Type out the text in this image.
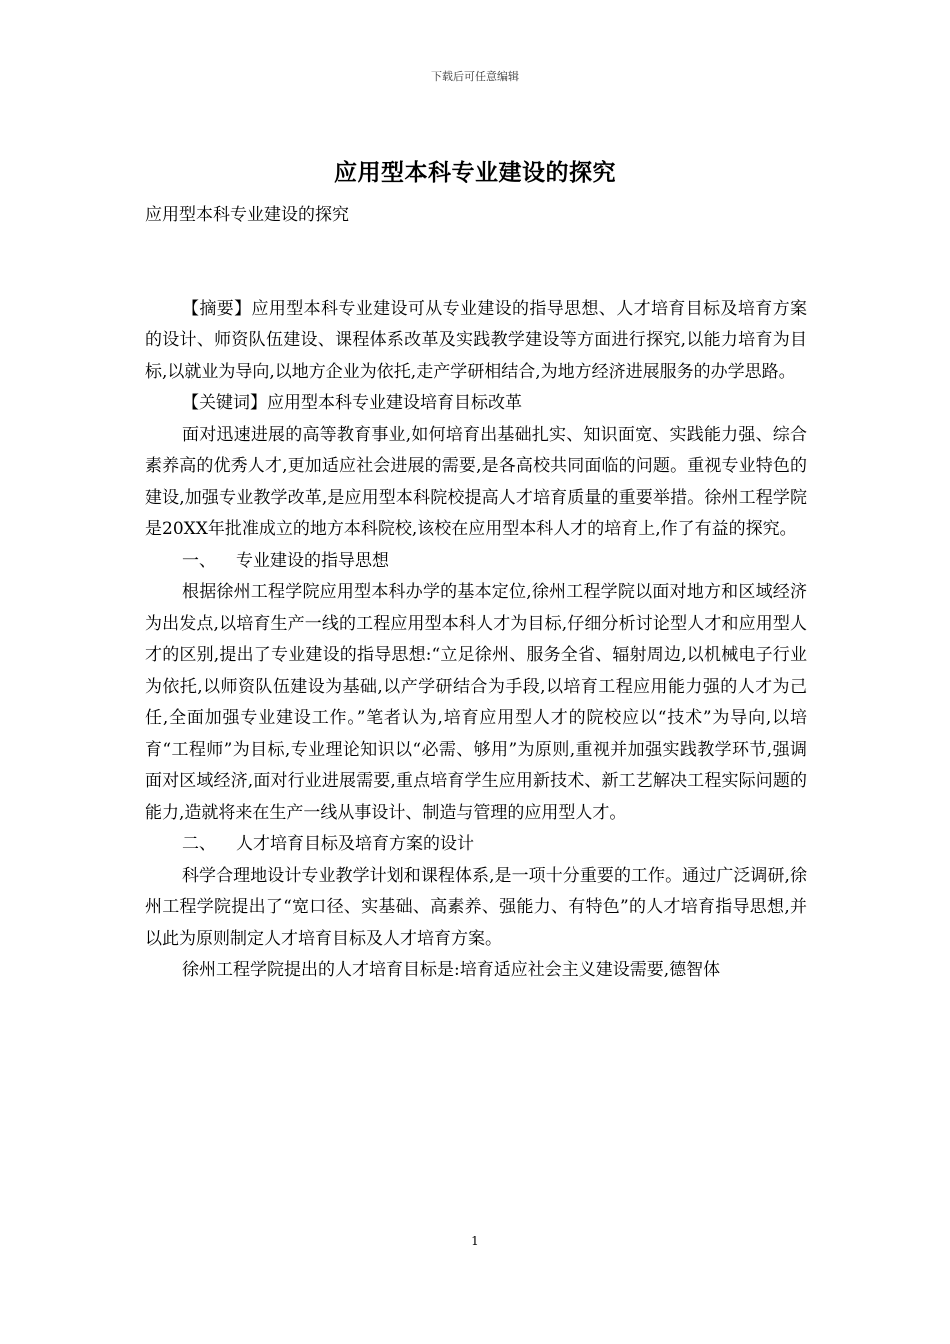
下载后可任意编辑
应用型本科专业建设的探究

应用型本科专业建设的探究

【摘要】应用型本科专业建设可从专业建设的指导思想、人才培育目标及培育方案的设计、师资队伍建设、课程体系改革及实践教学建设等方面进行探究,以能力培育为目标,以就业为导向,以地方企业为依托,走产学研相结合,为地方经济进展服务的办学思路。

【关键词】应用型本科专业建设培育目标改革

面对迅速进展的高等教育事业,如何培育出基础扎实、知识面宽、实践能力强、综合素养高的优秀人才,更加适应社会进展的需要,是各高校共同面临的问题。重视专业特色的建设,加强专业教学改革,是应用型本科院校提高人才培育质量的重要举措。徐州工程学院是20XX年批准成立的地方本科院校,该校在应用型本科人才的培育上,作了有益的探究。

一、 专业建设的指导思想

根据徐州工程学院应用型本科办学的基本定位,徐州工程学院以面对地方和区域经济为出发点,以培育生产一线的工程应用型本科人才为目标,仔细分析讨论型人才和应用型人才的区别,提出了专业建设的指导思想:“立足徐州、服务全省、辐射周边,以机械电子行业为依托,以师资队伍建设为基础,以产学研结合为手段,以培育工程应用能力强的人才为己任,全面加强专业建设工作。”笔者认为,培育应用型人才的院校应以“技术”为导向,以培育“工程师”为目标,专业理论知识以“必需、够用”为原则,重视并加强实践教学环节,强调面对区域经济,面对行业进展需要,重点培育学生应用新技术、新工艺解决工程实际问题的能力,造就将来在生产一线从事设计、制造与管理的应用型人才。

二、 人才培育目标及培育方案的设计

科学合理地设计专业教学计划和课程体系,是一项十分重要的工作。通过广泛调研,徐州工程学院提出了“宽口径、实基础、高素养、强能力、有特色”的人才培育指导思想,并以此为原则制定人才培育目标及人才培育方案。

徐州工程学院提出的人才培育目标是:培育适应社会主义建设需要,德智体

1
